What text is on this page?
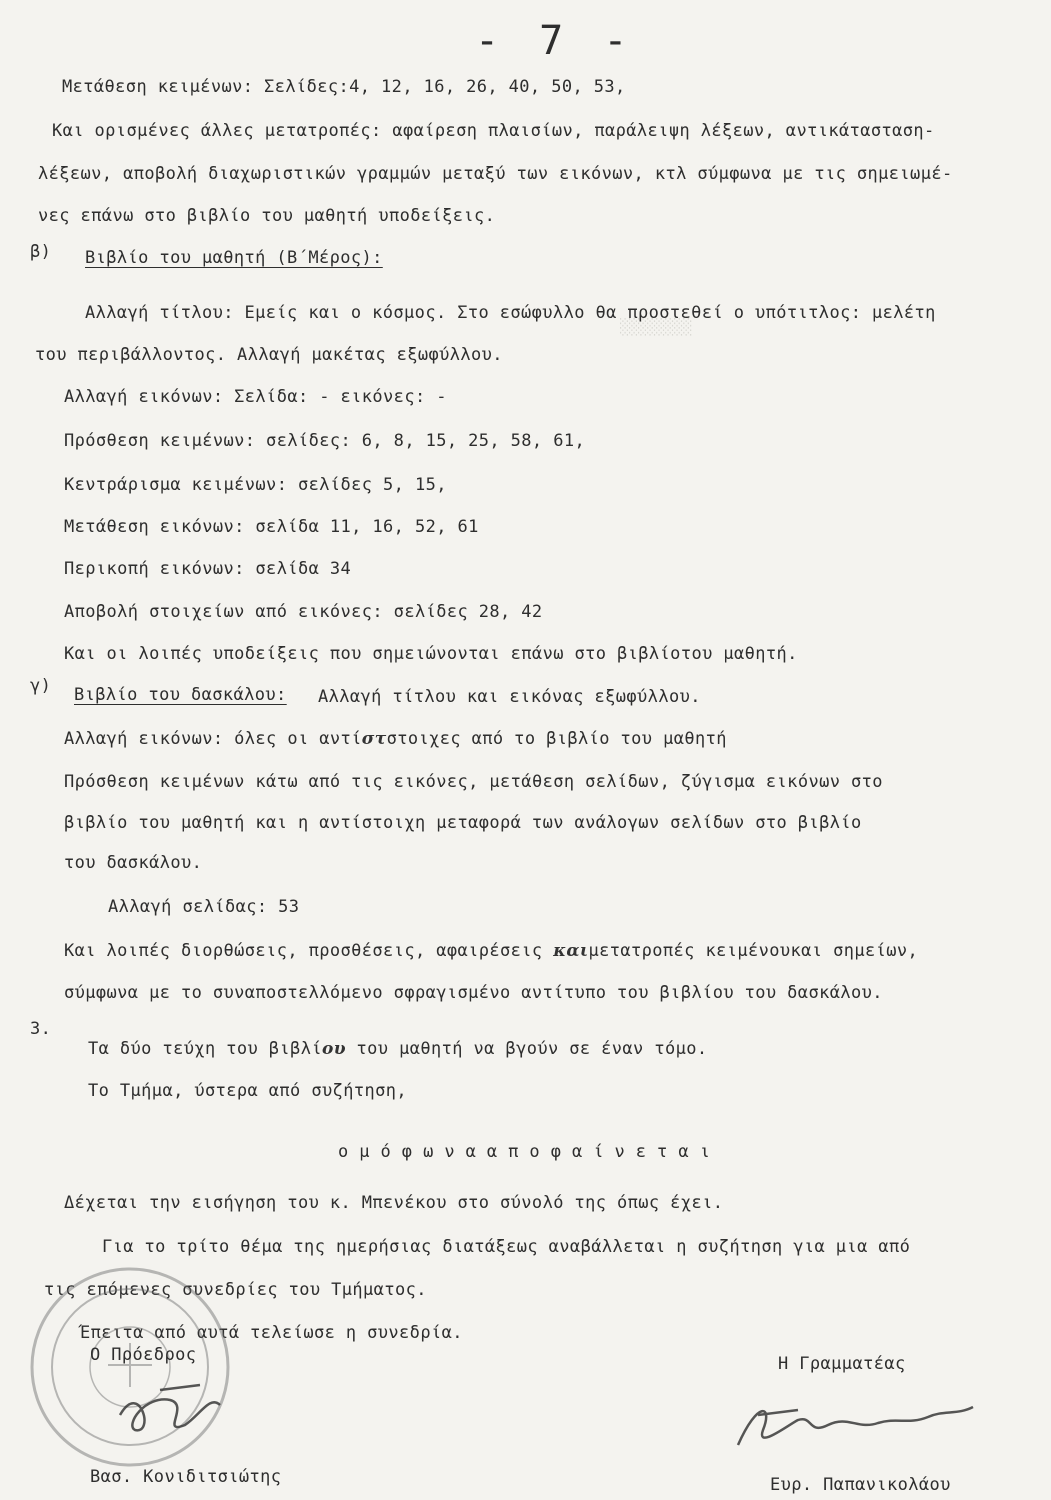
░░░░░░░░
- 7 -
Μετάθεση κειμένων: Σελίδες:4, 12, 16, 26, 40, 50, 53,
Και ορισμένες άλλες μετατροπές: αφαίρεση πλαισίων, παράλειψη λέξεων, αντικάτασταση-
λέξεων, αποβολή διαχωριστικών γραμμών μεταξύ των εικόνων, κτλ σύμφωνα με τις σημειωμέ-
νες επάνω στο βιβλίο του μαθητή υποδείξεις.
β) Βιβλίο του μαθητή (Β΄Μέρος):
Αλλαγή τίτλου: Εμείς και ο κόσμος. Στο εσώφυλλο θα προστεθεί ο υπότιτλος: μελέτη
του περιβάλλοντος. Αλλαγή μακέτας εξωφύλλου.
Αλλαγή εικόνων: Σελίδα: - εικόνες: -
Πρόσθεση κειμένων: σελίδες: 6, 8, 15, 25, 58, 61,
Κεντράρισμα κειμένων: σελίδες 5, 15,
Μετάθεση εικόνων: σελίδα 11, 16, 52, 61
Περικοπή εικόνων: σελίδα 34
Αποβολή στοιχείων από εικόνες: σελίδες 28, 42
Και οι λοιπές υποδείξεις που σημειώνονται επάνω στο βιβλίοτου μαθητή.
γ) Βιβλίο του δασκάλου: Αλλαγή τίτλου και εικόνας εξωφύλλου.
Αλλαγή εικόνων: όλες οι αντίστστοιχες από το βιβλίο του μαθητή
Πρόσθεση κειμένων κάτω από τις εικόνες, μετάθεση σελίδων, ζύγισμα εικόνων στο
βιβλίο του μαθητή και η αντίστοιχη μεταφορά των ανάλογων σελίδων στο βιβλίο
του δασκάλου.
Αλλαγή σελίδας: 53
Και λοιπές διορθώσεις, προσθέσεις, αφαιρέσεις καιμετατροπές κειμένουκαι σημείων,
σύμφωνα με το συναποστελλόμενο σφραγισμένο αντίτυπο του βιβλίου του δασκάλου.
3.
Τα δύο τεύχη του βιβλίου του μαθητή να βγούν σε έναν τόμο.
Το Τμήμα, ύστερα από συζήτηση,
ο μ ό φ ω ν α α π ο φ α ί ν ε τ α ι
Δέχεται την εισήγηση του κ. Μπενέκου στο σύνολό της όπως έχει.
Για το τρίτο θέμα της ημερήσιας διατάξεως αναβάλλεται η συζήτηση για μια από
τις επόμενες συνεδρίες του Τμήματος.
Έπειτα από αυτά τελείωσε η συνεδρία.
Ο Πρόεδρος	Η Γραμματέας
Βασ. Κονιδιτσιώτης	Ευρ. Παπανικολάου
